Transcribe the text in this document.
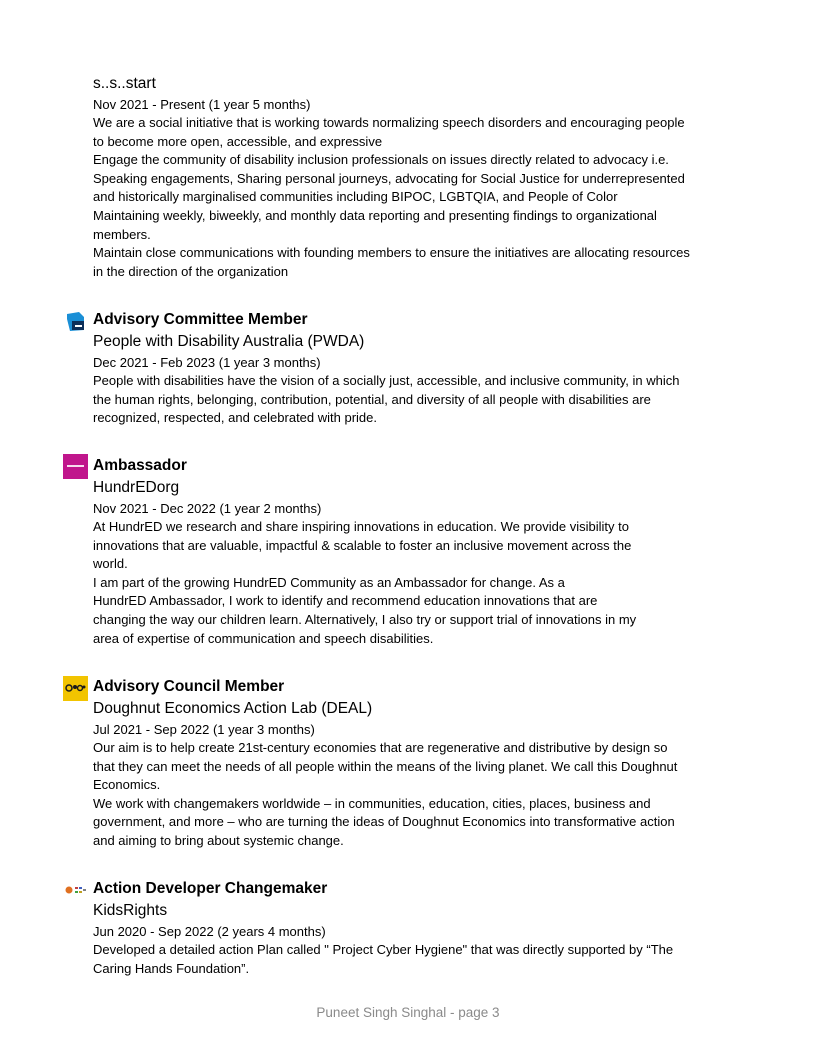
s..s..start
Nov 2021 - Present (1 year 5 months)
We are a social initiative that is working towards normalizing speech disorders and encouraging people
to become more open, accessible, and expressive
Engage the community of disability inclusion professionals on issues directly related to advocacy i.e.
Speaking engagements, Sharing personal journeys, advocating for Social Justice for underrepresented
and historically marginalised communities including BIPOC, LGBTQIA, and People of Color
Maintaining weekly, biweekly, and monthly data reporting and presenting findings to organizational
members.
Maintain close communications with founding members to ensure the initiatives are allocating resources
in the direction of the organization
Advisory Committee Member
People with Disability Australia (PWDA)
Dec 2021 - Feb 2023 (1 year 3 months)
People with disabilities have the vision of a socially just, accessible, and inclusive community, in which
the human rights, belonging, contribution, potential, and diversity of all people with disabilities are
recognized, respected, and celebrated with pride.
Ambassador
HundrEDorg
Nov 2021 - Dec 2022 (1 year 2 months)
At HundrED we research and share inspiring innovations in education. We provide visibility to
innovations that are valuable, impactful & scalable to foster an inclusive movement across the
world.
I am part of the growing HundrED Community as an Ambassador for change. As a
HundrED Ambassador, I work to identify and recommend education innovations that are
changing the way our children learn. Alternatively, I also try or support trial of innovations in my
area of expertise of communication and speech disabilities.
Advisory Council Member
Doughnut Economics Action Lab (DEAL)
Jul 2021 - Sep 2022 (1 year 3 months)
Our aim is to help create 21st-century economies that are regenerative and distributive by design so
that they can meet the needs of all people within the means of the living planet. We call this Doughnut
Economics.
We work with changemakers worldwide – in communities, education, cities, places, business and
government, and more – who are turning the ideas of Doughnut Economics into transformative action
and aiming to bring about systemic change.
Action Developer Changemaker
KidsRights
Jun 2020 - Sep 2022 (2 years 4 months)
Developed a detailed action Plan called " Project Cyber Hygiene" that was directly supported by “The
Caring Hands Foundation”.
Puneet Singh Singhal - page 3
